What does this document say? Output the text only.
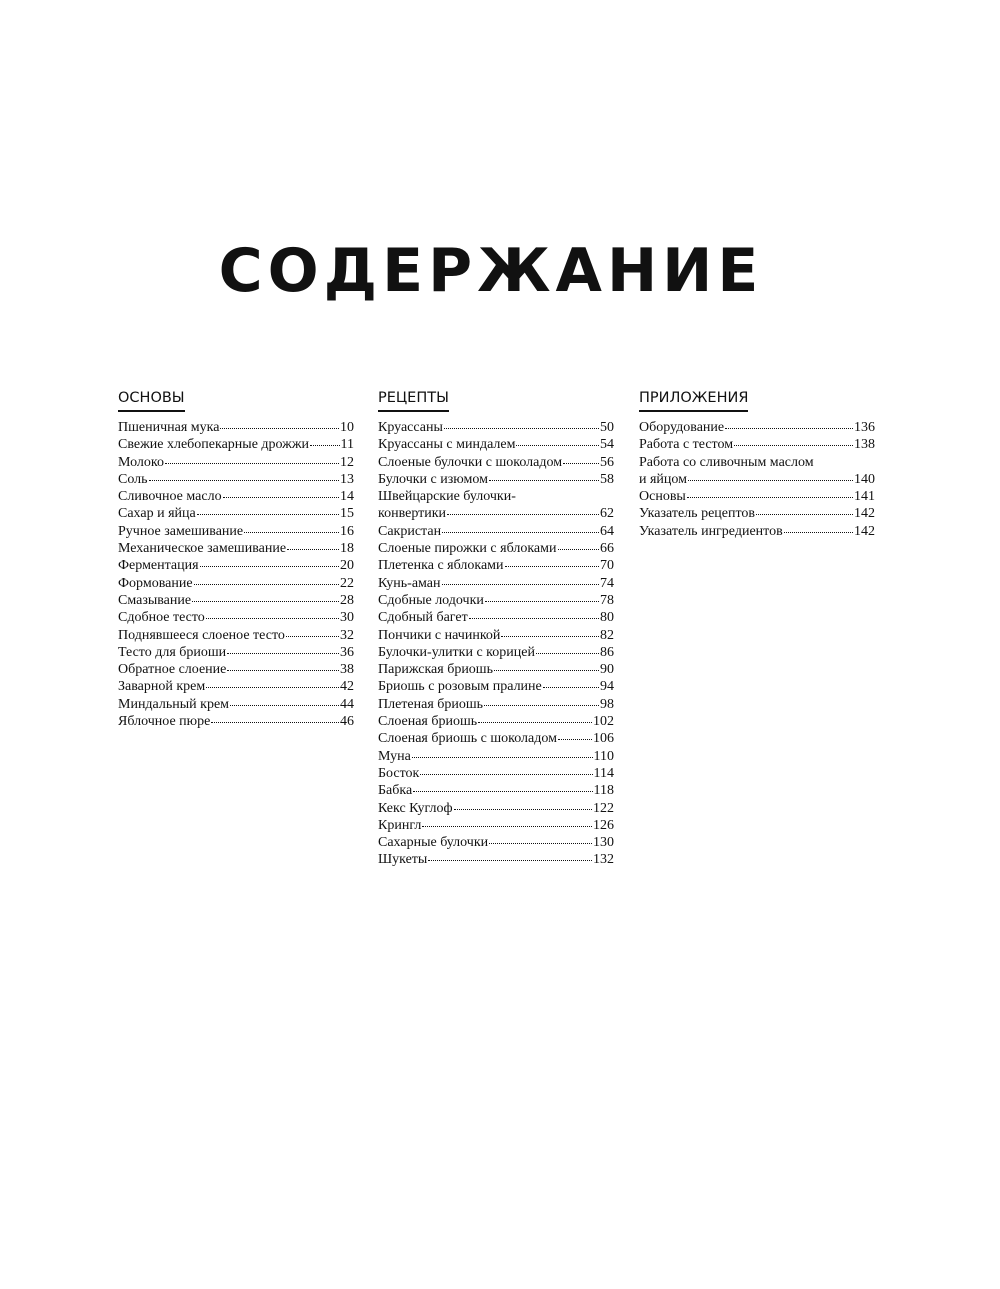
СОДЕРЖАНИЕ
ОСНОВЫ
Пшеничная мука	10
Свежие хлебопекарные дрожжи 11
Молоко	12
Соль	13
Сливочное масло	14
Сахар и яйца	15
Ручное замешивание	16
Механическое замешивание	18
Ферментация	20
Формование	22
Смазывание	28
Сдобное тесто	30
Поднявшееся слоеное тесто	32
Тесто для бриоши	36
Обратное слоение	38
Заварной крем	42
Миндальный крем	44
Яблочное пюре	46
РЕЦЕПТЫ
Круассаны	50
Круассаны с миндалем	54
Слоеные булочки с шоколадом	56
Булочки с изюмом	58
Швейцарские булочки-
конвертики	62
Сакристан	64
Слоеные пирожки с яблоками	66
Плетенка с яблоками	70
Кунь-аман	74
Сдобные лодочки	78
Сдобный багет	80
Пончики с начинкой	82
Булочки-улитки с корицей	86
Парижская бриошь	90
Бриошь с розовым пралине	94
Плетеная бриошь	98
Слоеная бриошь	102
Слоеная бриошь с шоколадом	106
Муна	110
Босток	114
Бабка	118
Кекс Куглоф	122
Крингл	126
Сахарные булочки	130
Шукеты	132
ПРИЛОЖЕНИЯ
Оборудование	136
Работа с тестом	138
Работа со сливочным маслом
и яйцом	140
Основы	141
Указатель рецептов	142
Указатель ингредиентов	142
